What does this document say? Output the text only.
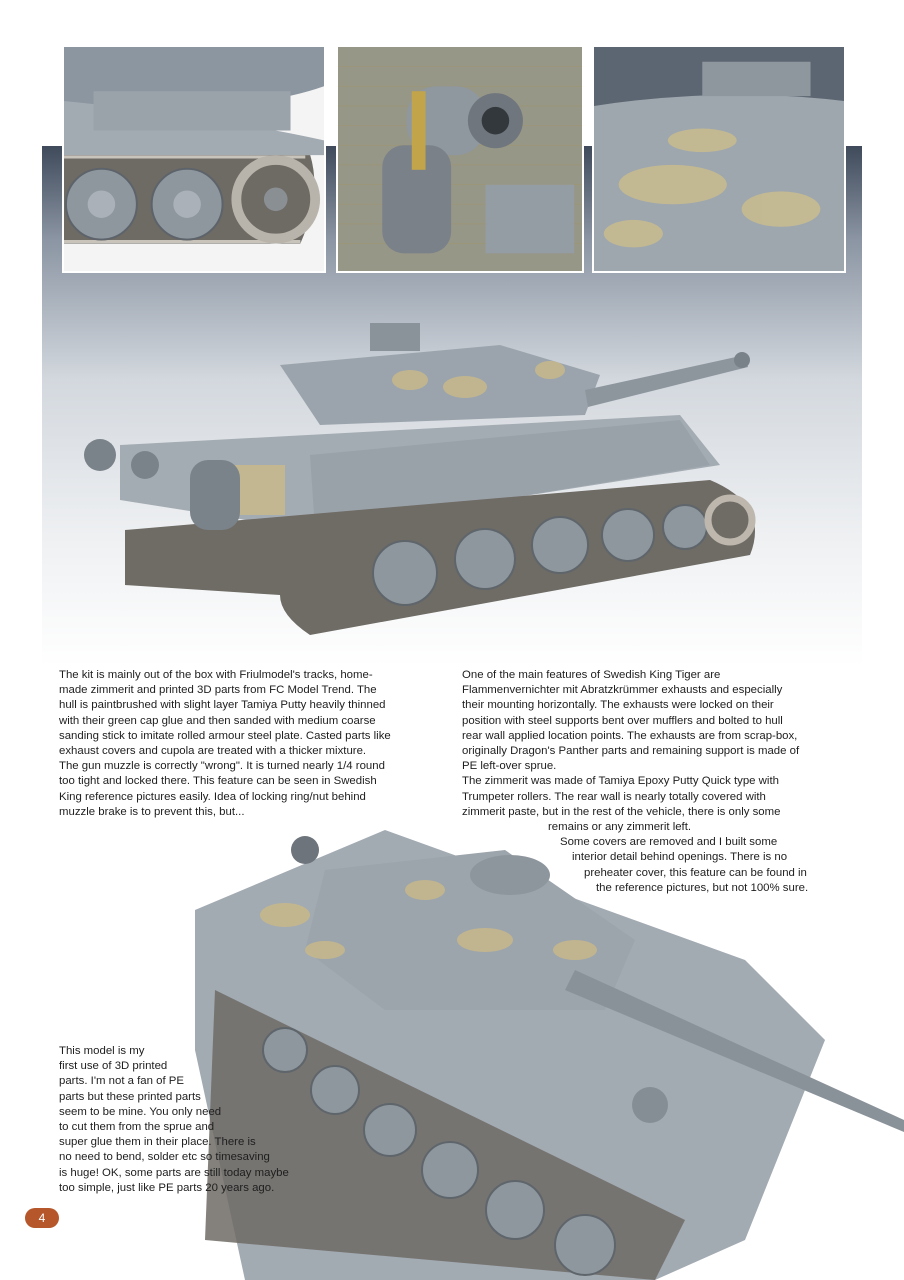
The kit is mainly out of the box with Friulmodel's tracks, home-

made zimmerit and printed 3D parts from FC Model Trend. The

hull is paintbrushed with slight layer Tamiya Putty heavily thinned

with their green cap glue and then sanded with medium coarse

sanding stick to imitate rolled armour steel plate. Casted parts like

exhaust covers and cupola are treated with a thicker mixture.

The gun muzzle is correctly "wrong". It is turned nearly 1/4 round

too tight and locked there. This feature can be seen in Swedish

King reference pictures easily. Idea of locking ring/nut behind

muzzle brake is to prevent this, but...

One of the main features of Swedish King Tiger are

Flammenvernichter mit Abratzkrümmer exhausts and especially

their mounting horizontally. The exhausts were locked on their

position with steel supports bent over mufflers and bolted to hull

rear wall applied location points. The exhausts are from scrap-box,

originally Dragon's Panther parts and remaining support is made of

PE left-over sprue.

The zimmerit was made of Tamiya Epoxy Putty Quick type with

Trumpeter rollers. The rear wall is nearly totally covered with

zimmerit paste, but in the rest of the vehicle, there is only some

remains or any zimmerit left.

Some covers are removed and I built some

interior detail behind openings. There is no

preheater cover, this feature can be found in

the reference pictures, but not 100% sure.

This model is my

first use of 3D printed

parts. I'm not a fan of PE

parts but these printed parts

seem to be mine. You only need

to cut them from the sprue and

super glue them in their place. There is

no need to bend, solder etc so timesaving

is huge! OK, some parts are still today maybe

too simple, just like PE parts 20 years ago.

4
